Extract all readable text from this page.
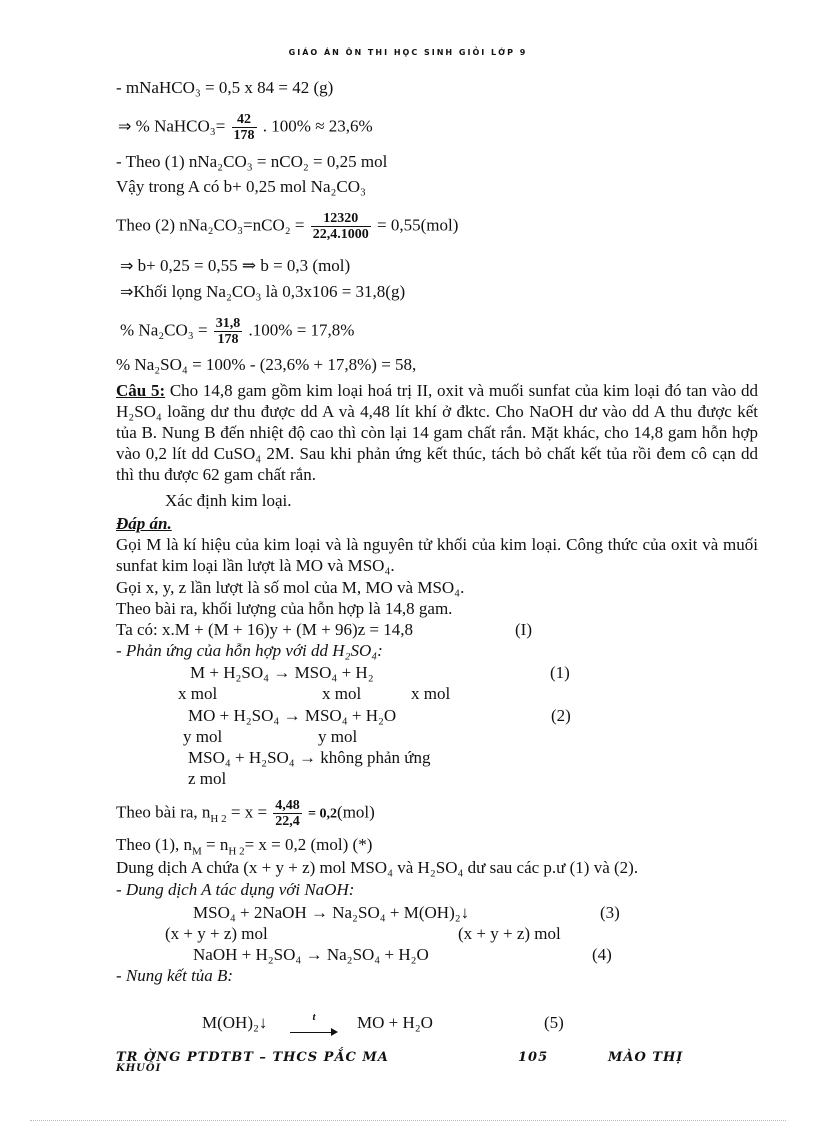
GIÁO ÁN ÔN THI HỌC SINH GIỎI LỚP 9
- mNaHCO₃ = 0,5 x 84 = 42 (g)
⇒ % NaHCO₃= $\frac{42}{178}$ . 100% ≈ 23,6%
- Theo (1) nNa₂CO₃ = nCO₂ = 0,25 mol
Vậy trong A có b+ 0,25 mol Na₂CO₃
Theo (2) $nNa_2CO_3=nCO_2 = \frac{12320}{22,4.1000} = 0,55(mol)$
⇒ b+ 0,25 = 0,55 ⇒ b = 0,3 (mol)
⇒Khối lọng Na₂CO₃ là 0,3x106 = 31,8(g)
% $Na_2CO_3 = \frac{31,8}{178} .100\% = 17,8\%$
% Na₂SO₄ = 100% - (23,6% + 17,8%) = 58,
Câu 5: Cho 14,8 gam gồm kim loại hoá trị II, oxit và muối sunfat của kim loại đó tan vào dd H₂SO₄ loãng dư thu được dd A và 4,48 lít khí ở đktc. Cho NaOH dư vào dd A thu được kết tủa B. Nung B đến nhiệt độ cao thì còn lại 14 gam chất rắn. Mặt khác, cho 14,8 gam hỗn hợp vào 0,2 lít dd CuSO₄ 2M. Sau khi phản ứng kết thúc, tách bỏ chất kết tủa rồi đem cô cạn dd thì thu được 62 gam chất rắn.
Xác định kim loại.
Đáp án.
Gọi M là kí hiệu của kim loại và là nguyên tử khối của kim loại. Công thức của oxit và muối sunfat kim loại lần lượt là MO và MSO₄.
Gọi x, y, z lần lượt là số mol của M, MO và MSO₄.
Theo bài ra, khối lượng của hỗn hợp là 14,8 gam.
Ta có: x.M + (M + 16)y + (M + 96)z = 14,8	(I)
- Phản ứng của hỗn hợp với dd H₂SO₄:
M + H₂SO₄ → MSO₄ + H₂	(1)
x mol	x mol	x mol
MO + H₂SO₄ → MSO₄ + H₂O	(2)
y mol	y mol
MSO₄ + H₂SO₄ → không phản ứng
z mol
Theo bài ra, $n_{H 2} = x = \frac{4,48}{22,4} = 0,2(mol)$
Theo (1), $n_M = n_{H 2}= x = 0,2$ (mol) (*)
Dung dịch A chứa (x + y + z) mol MSO₄ và H₂SO₄ dư sau các p.ư (1) và (2).
- Dung dịch A tác dụng với NaOH:
MSO₄ + 2NaOH → Na₂SO₄ + M(OH)₂↓	(3)
(x + y + z) mol	(x + y + z) mol
NaOH + H₂SO₄ → Na₂SO₄ + H₂O	(4)
- Nung kết tủa B:
M(OH)₂↓	t	MO + H₂O	(5)
TR ỜNG PTDTBT – THCS PẮC MA
KHUÔI
105	MÀO THỊ
